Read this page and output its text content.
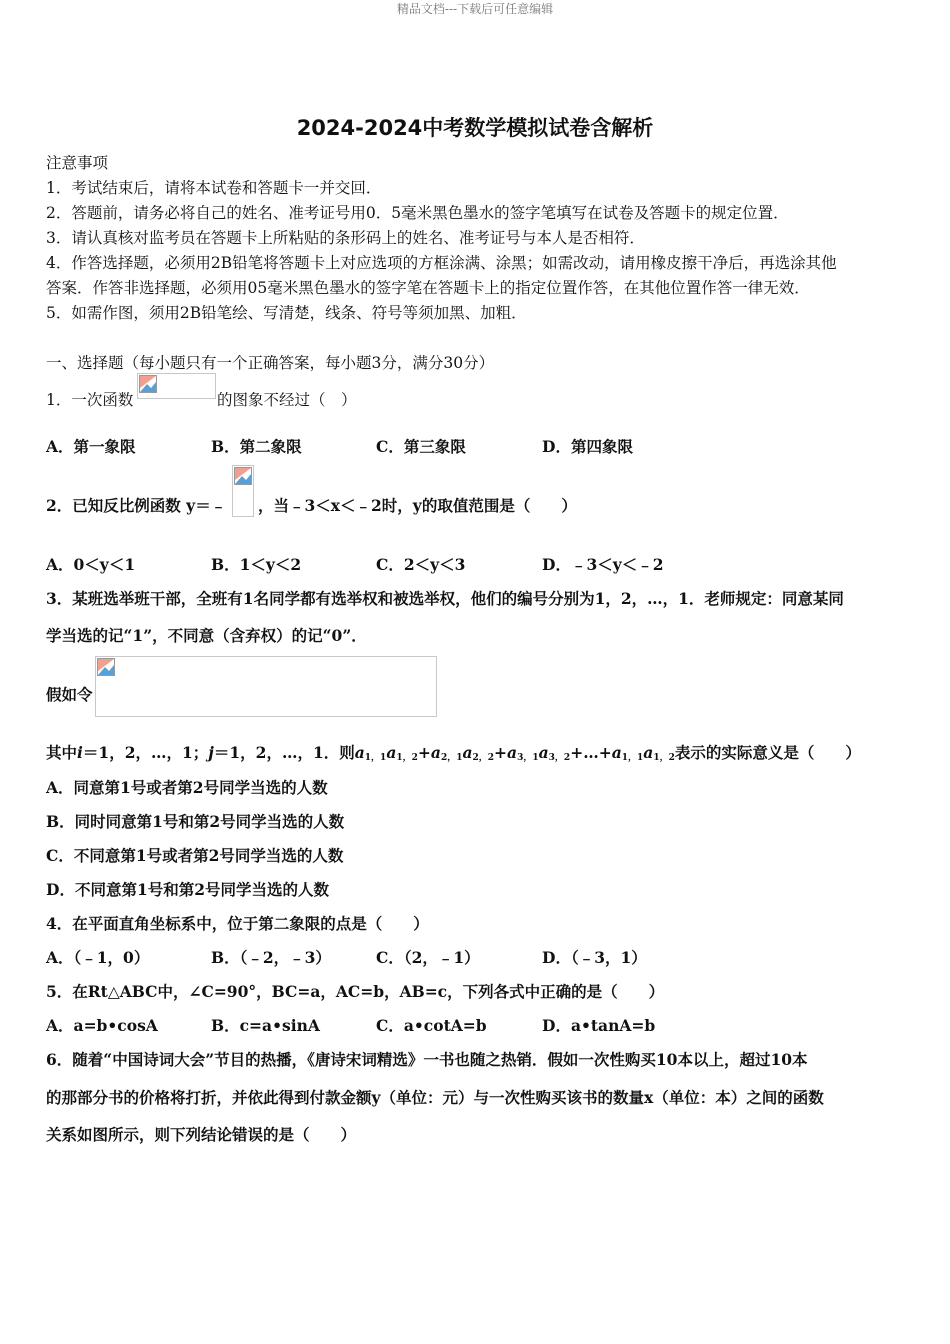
精品文档---下载后可任意编辑
2024-2024中考数学模拟试卷含解析
注意事项
1．考试结束后，请将本试卷和答题卡一并交回．
2．答题前，请务必将自己的姓名、准考证号用0．5毫米黑色墨水的签字笔填写在试卷及答题卡的规定位置．
3．请认真核对监考员在答题卡上所粘贴的条形码上的姓名、准考证号与本人是否相符．
4．作答选择题，必须用2B铅笔将答题卡上对应选项的方框涂满、涂黑；如需改动，请用橡皮擦干净后，再选涂其他
答案．作答非选择题，必须用05毫米黑色墨水的签字笔在答题卡上的指定位置作答，在其他位置作答一律无效．
5．如需作图，须用2B铅笔绘、写清楚，线条、符号等须加黑、加粗．
一、选择题（每小题只有一个正确答案，每小题3分，满分30分）
1．一次函数	的图象不经过（　）
A．第一象限	B．第二象限	C．第三象限	D．第四象限
2．已知反比例函数 y＝﹣ ，当﹣3＜x＜﹣2时，y的取值范围是（　　）
A．0＜y＜1	B．1＜y＜2	C．2＜y＜3	D．﹣3＜y＜﹣2
3．某班选举班干部，全班有1名同学都有选举权和被选举权，他们的编号分别为1，2，…，1．老师规定：同意某同
学当选的记“1”，不同意（含弃权）的记“0”．
假如令
其中i＝1，2，…，1；j＝1，2，…，1．则$a_{1,1}a_{1,2}+a_{2,1}a_{2,2}+a_{3,1}a_{3,2}+\dots+a_{1,1}a_{1,2}$表示的实际意义是（　　）
A．同意第1号或者第2号同学当选的人数
B．同时同意第1号和第2号同学当选的人数
C．不同意第1号或者第2号同学当选的人数
D．不同意第1号和第2号同学当选的人数
4．在平面直角坐标系中，位于第二象限的点是（　　）
A．（﹣1，0）	B．（﹣2，﹣3）	C．（2，﹣1）	D．（﹣3，1）
5．在Rt△ABC中，∠C=90°，BC=a，AC=b，AB=c，下列各式中正确的是（　　）
A．a=b•cosA	B．c=a•sinA	C．a•cotA=b	D．a•tanA=b
6．随着“中国诗词大会”节目的热播，《唐诗宋词精选》一书也随之热销．假如一次性购买10本以上，超过10本
的那部分书的价格将打折，并依此得到付款金额y（单位：元）与一次性购买该书的数量x（单位：本）之间的函数
关系如图所示，则下列结论错误的是（　　）
